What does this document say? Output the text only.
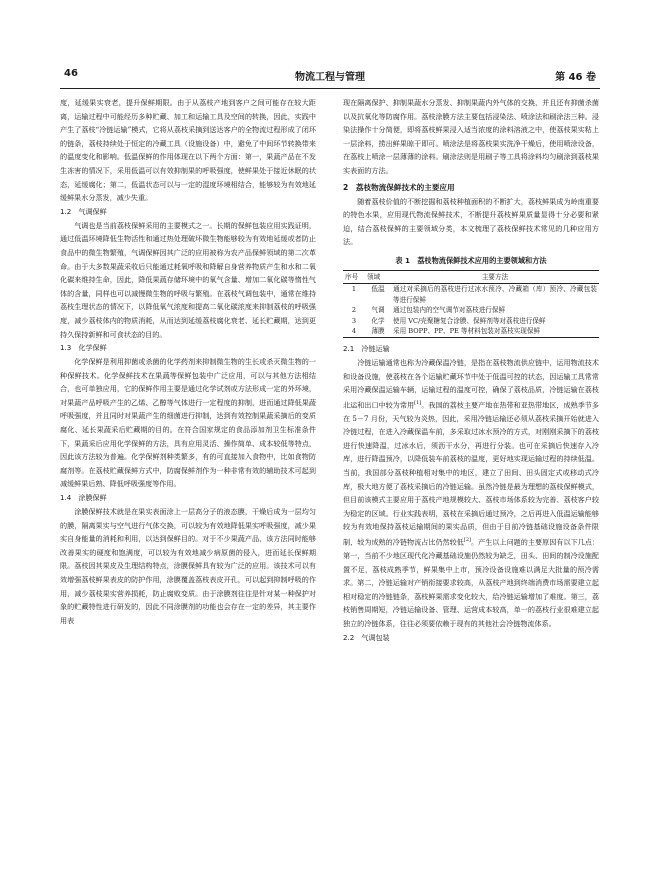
46	物流工程与管理	第 46 卷

度，延缓果实衰老，提升保鲜期限。由于从荔枝产地到客户之间可能存在较大距离，运输过程中可能经历多种贮藏、加工和运输工具及空间的转换，因此，实践中产生了荔枝“冷链运输”模式，它将从荔枝采摘到送达客户的全物流过程形成了闭环的链条，荔枝持续处于恒定的冷藏工具（设施设备）中，避免了中间环节转换带来的温度变化和影响。低温保鲜的作用体现在以下两个方面：第一，果蔬产品在不发生冻害的情况下，采用低温可以有效抑制果的呼吸强度，使鲜果处于接近休眠的状态，延缓腐化；第二，低温状态可以与一定的湿度环境相结合，能够较为有效地延缓鲜果水分蒸发，减少失重。

1.2　气调保鲜

气调也是当前荔枝保鲜采用的主要模式之一。长期的保鲜包装应用实践证明，通过低温环境降低生物活性和通过热处理破坏微生物能够较为有效地延缓或者防止食品中的微生物繁殖，气调保鲜因其广泛的应用被称为农产品保鲜领域的第二次革命。由于大多数果蔬采收后只能通过耗氧呼吸和降解自身营养物质产生和水和二氧化碳来维持生命，因此，降低果蔬存储环境中的氧气含量、增加二氧化碳等惰性气体的含量，同样也可以减慢微生物的呼吸与繁殖。在荔枝气调包装中，通常在维持荔枝生理状态的情况下，以降低氧气浓度和提高二氧化碳浓度来抑制荔枝的呼吸强度，减少荔枝体内的物质消耗，从而达到延缓荔枝腐化衰老、延长贮藏期，达到更持久保持新鲜和可食状态的目的。

1.3　化学保鲜

化学保鲜是利用抑菌或杀菌的化学药剂来抑制微生物的生长或杀灭微生物的一种保鲜技术。化学保鲜技术在果蔬等保鲜包装中广泛应用，可以与其他方法相结合，也可单独应用，它的保鲜作用主要是通过化学试剂或方法形成一定的外环境，对果蔬产品呼吸产生的乙烯、乙醇等气体进行一定程度的抑制，进而通过降低果蔬呼吸强度，并且同时对果蔬产生的细菌进行抑制，达到有效控制果蔬采摘后的变质腐化、延长果蔬采后贮藏期的目的。在符合国家规定的食品添加剂卫生标准条件下，果蔬采后应用化学保鲜的方法，具有应用灵活、操作简单、成本较低等特点，因此该方法较为普遍。化学保鲜剂种类繁多，有的可直接加入食物中，比如食物防腐剂等。在荔枝贮藏保鲜方式中，防腐保鲜剂作为一种非常有效的辅助技术可起到减缓鲜果后熟、降低呼吸强度等作用。

1.4　涂膜保鲜

涂膜保鲜技术就是在果实表面涂上一层高分子的液态膜，干燥后成为一层均匀的膜，隔离果实与空气进行气体交换，可以较为有效地降低果实呼吸强度，减少果实自身能量的消耗和利用，以达到保鲜目的。对于不少果蔬产品，该方法同时能够改善果实的硬度和饱满度，可以较为有效地减少病原菌的侵入，进而延长保鲜期限。荔枝因其果皮及生理结构特点，涂膜保鲜具有较为广泛的应用。该技术可以有效增强荔枝鲜果表皮的防护作用，涂膜覆盖荔枝表皮开孔，可以起到抑制呼吸的作用，减少荔枝果实营养损耗，防止腐败变质。由于涂膜剂往往是针对某一种保护对象的贮藏特性进行研发的，因此不同涂膜剂的功能也会存在一定的差异，其主要作用表

现在隔离保护、抑制果蔬水分蒸发、抑制果蔬内外气体的交换，并且还有抑菌杀菌以及抗氧化等防腐作用。荔枝涂膜方法主要包括浸染法、喷涂法和刷涂法三种。浸染法操作十分简便，即将荔枝鲜果浸入适当浓度的涂料溶液之中，使荔枝果实粘上一层涂料，捞出鲜果晾干即可。喷涂法是将荔枝果实洗净干燥后，使用喷涂设备，在荔枝上喷涂一层薄薄的涂料。刷涂法则是用刷子等工具将涂料均匀刷涂到荔枝果实表面的方法。

2　荔枝物流保鲜技术的主要应用

随着荔枝价值的不断挖掘和荔枝种植面积的不断扩大，荔枝鲜果成为岭南重要的特色水果，应用现代物流保鲜技术，不断提升荔枝鲜果质量显得十分必要和紧迫，结合荔枝保鲜的主要领域分类，本文梳理了荔枝保鲜技术常见的几种应用方法。

表 1　荔枝物流保鲜技术应用的主要领域和方法
序号	领域	主要方法
1	低温	通过对采摘后的荔枝进行过冰水预冷、冷藏箱（库）预冷、冷藏包装等进行保鲜
2	气调	通过包装内的空气调节对荔枝进行保鲜
3	化学	使用 VC/壳聚糖复合涂膜、保鲜剂等对荔枝进行保鲜
4	薄膜	采用 BOPP、PP、PE 等材料包装对荔枝实现保鲜
2.1　冷链运输

冷链运输通常也称为冷藏保温冷链，是指在荔枝物流供应链中，运用物流技术和设备设施，使荔枝在各个运输贮藏环节中处于低温可控的状态，因运输工具常常采用冷藏保温运输车辆，运输过程的温度可控，确保了荔枝品质，冷链运输在荔枝北运和出口中较为常用[1]。我国的荔枝主要产地在热带和亚热带地区，成熟季节多在 5－7 月份，天气较为炎热，因此，采用冷链运输还必须从荔枝采摘开始就进入冷链过程，在进入冷藏保温车前，多采取过冰水预冷的方式，对刚刚采摘下的荔枝进行快速降温，过冰水后，须沥干水分，再进行分装。也可在采摘后快速存入冷库，进行降温预冷，以降低装车前荔枝的温度，更好地实现运输过程的持续低温。当前，我国部分荔枝种植相对集中的地区，建立了田间、田头固定式或移动式冷库，极大地方便了荔枝采摘后的冷链运输。虽然冷链是最为理想的荔枝保鲜模式，但目前该模式主要应用于荔枝产地规模较大、荔枝市场体系较为完善、荔枝客户较为稳定的区域。行业实践表明，荔枝在采摘后通过预冷，之后再进入低温运输能够较为有效地保持荔枝运输期间的果实品质，但由于目前冷链基础设施设备条件限制，较为成熟的冷链物流占比仍然较低[2]。产生以上问题的主要原因有以下几点：第一，当前不少地区现代化冷藏基础设施仍然较为缺乏，田头、田间的制冷设施配置不足，荔枝成熟季节，鲜果集中上市，预冷设备设施难以满足大批量的预冷需求。第二，冷链运输对产销衔接要求较高，从荔枝产地到终端消费市场需要建立起相对稳定的冷链链条，荔枝鲜果需求变化较大，给冷链运输增加了难度。第三，荔枝销售周期短，冷链运输设备、管理、运营成本较高，单一的荔枝行业很难建立起独立的冷链体系，往往必须要依赖于现有的其他社会冷链物流体系。

2.2　气调包装
